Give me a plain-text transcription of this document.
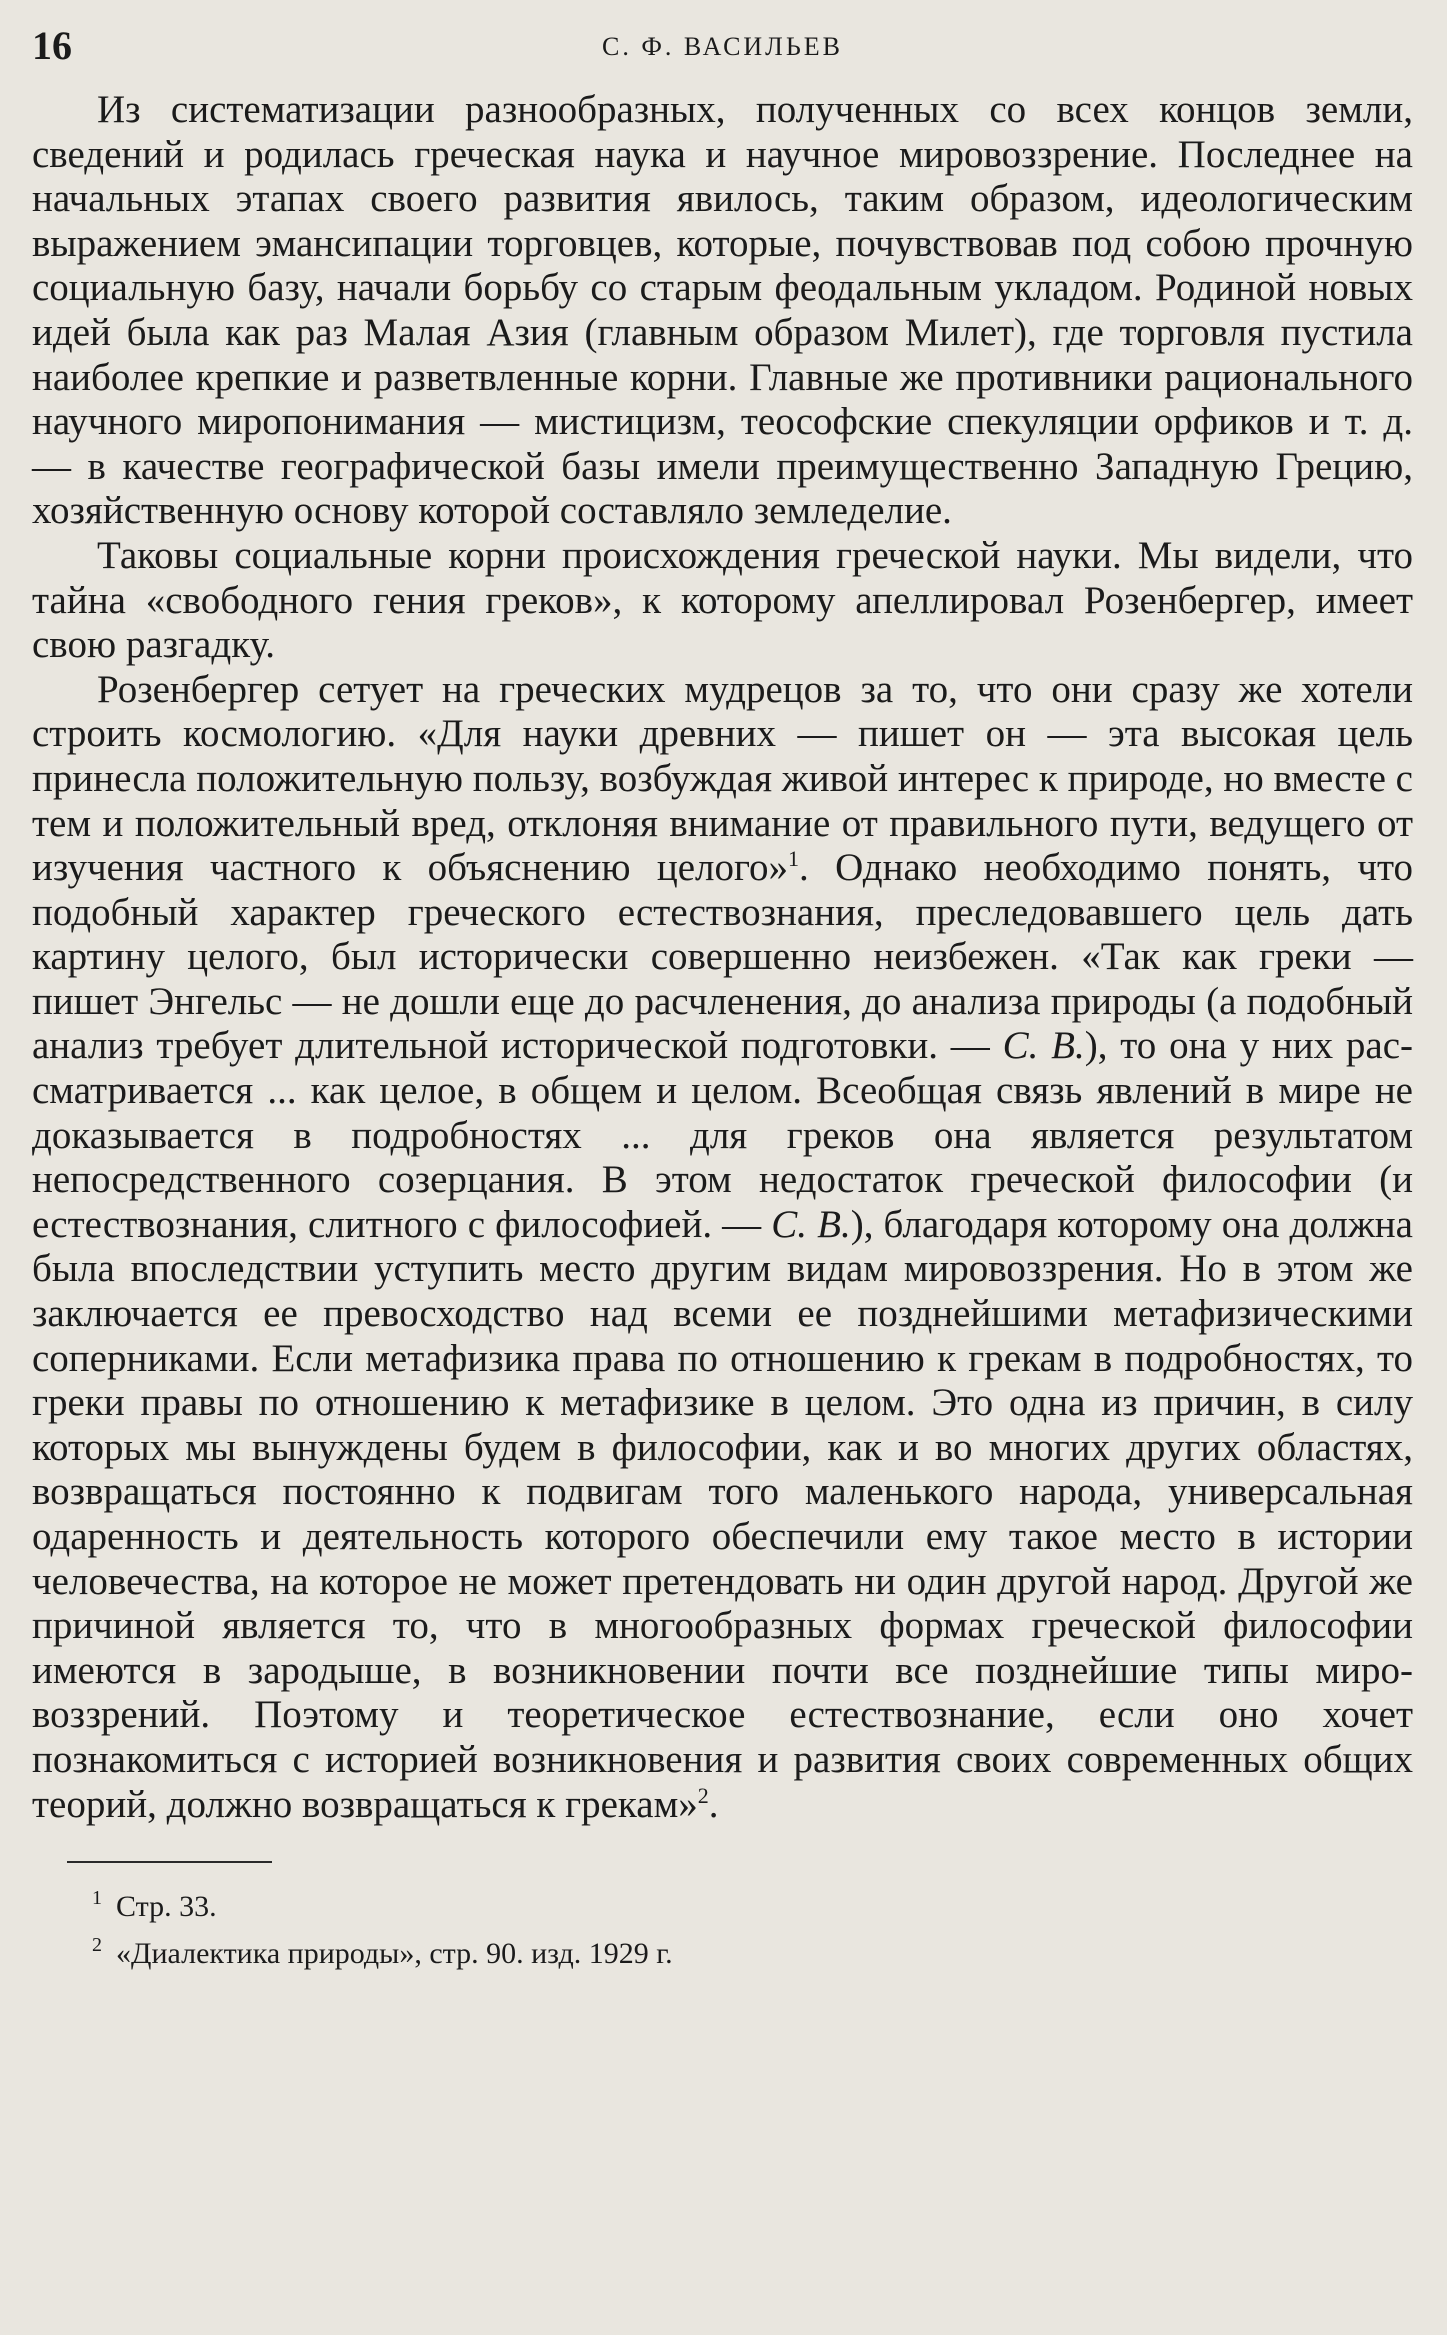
16	С. Ф. ВАСИЛЬЕВ

Из систематизации разнообразных, полученных со всех концов земли, сведений и родилась греческая наука и научное мировоззрение. Последнее на начальных этапах своего развития явилось, таким образом, идеологическим выражением эмансипации торговцев, которые, почувствовав под собою прочную социальную базу, начали борьбу со старым феодальным укладом. Родиной новых идей была как раз Малая Азия (главным образом Милет), где торговля пустила наиболее крепкие и разветвленные корни. Главные же противники рационального научного миропонимания — мистицизм, теософские спекуляции орфиков и т. д. — в качестве географической базы имели преимущественно Западную Грецию, хозяйственную основу которой составляло земледелие.

Таковы социальные корни происхождения греческой науки. Мы видели, что тайна «свободного гения греков», к которому апеллировал Розенбергер, имеет свою разгадку.

Розенбергер сетует на греческих мудрецов за то, что они сразу же хотели строить космологию. «Для науки древних — пишет он — эта высокая цель принесла положительную пользу, возбуждая живой интерес к природе, но вместе с тем и положительный вред, отклоняя внимание от правильного пути, ведущего от изучения частного к объяснению целого»$^1$. Однако необходимо понять, что подобный характер греческого естествознания, преследовавшего цель дать картину целого, был исторически совершенно неизбежен. «Так как греки — пишет Энгельс — не дошли еще до расчленения, до анализа природы (а подобный анализ требует длительной исторической подготовки. — С. В.), то она у них рассматривается ... как целое, в общем и целом. Всеобщая связь явлений в мире не доказывается в подробностях ... для греков она является результатом непосредственного созерцания. В этом недостаток греческой философии (и естествознания, слитного с философией. — С. В.), благодаря которому она должна была впоследствии уступить место другим видам мировоззрения. Но в этом же заключается ее превосходство над всеми ее позднейшими метафизическими соперниками. Если метафизика права по отношению к грекам в подробностях, то греки правы по отношению к метафизике в целом. Это одна из причин, в силу которых мы вынуждены будем в философии, как и во многих других областях, возвращаться постоянно к подвигам того маленького народа, универсальная одаренность и деятельность которого обеспечили ему такое место в истории человечества, на которое не может претендовать ни один другой народ. Другой же причиной является то, что в многообразных формах греческой философии имеются в зародыше, в возникновении почти все позднейшие типы мировоззрений. Поэтому и теоретическое естествознание, если оно хочет познакомиться с историей возникновения и развития своих современных общих теорий, должно возвращаться к грекам»$^2$.

1 Стр. 33.
2 «Диалектика природы», стр. 90. изд. 1929 г.
